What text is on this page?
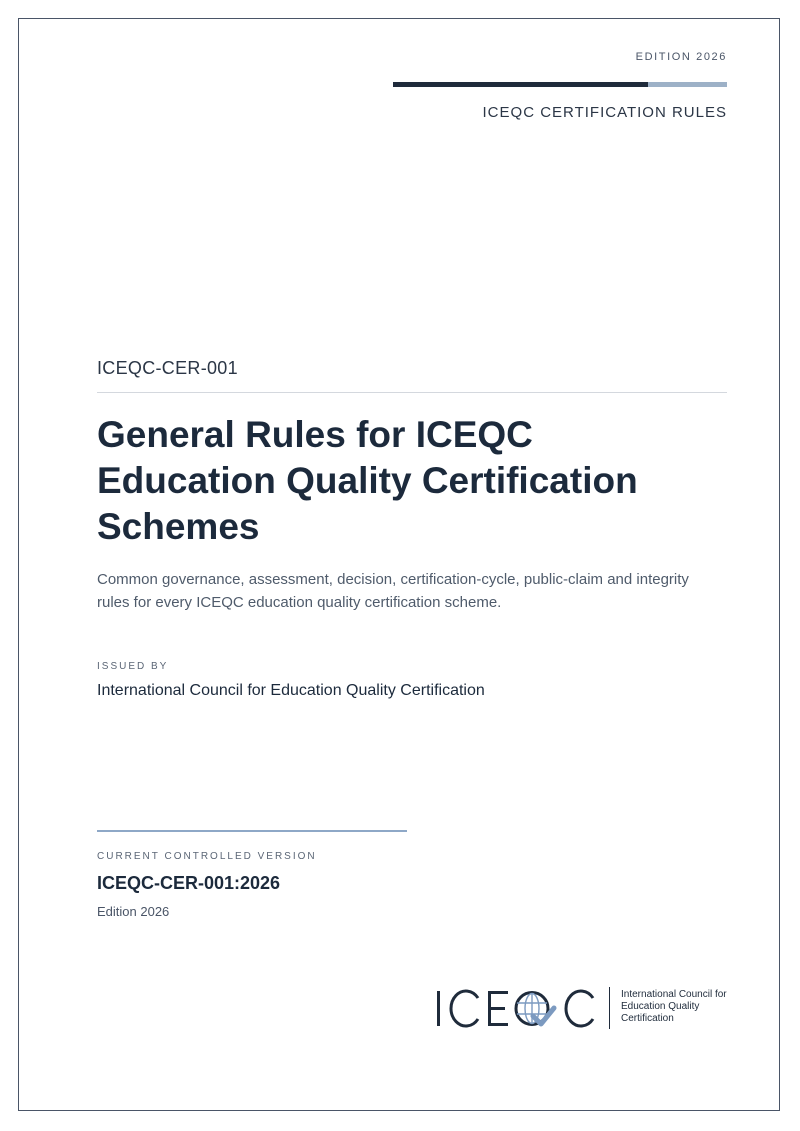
EDITION 2026
ICEQC CERTIFICATION RULES
ICEQC-CER-001
General Rules for ICEQC Education Quality Certification Schemes
Common governance, assessment, decision, certification-cycle, public-claim and integrity rules for every ICEQC education quality certification scheme.
ISSUED BY
International Council for Education Quality Certification
CURRENT CONTROLLED VERSION
ICEQC-CER-001:2026
Edition 2026
International Council for
Education Quality
Certification
